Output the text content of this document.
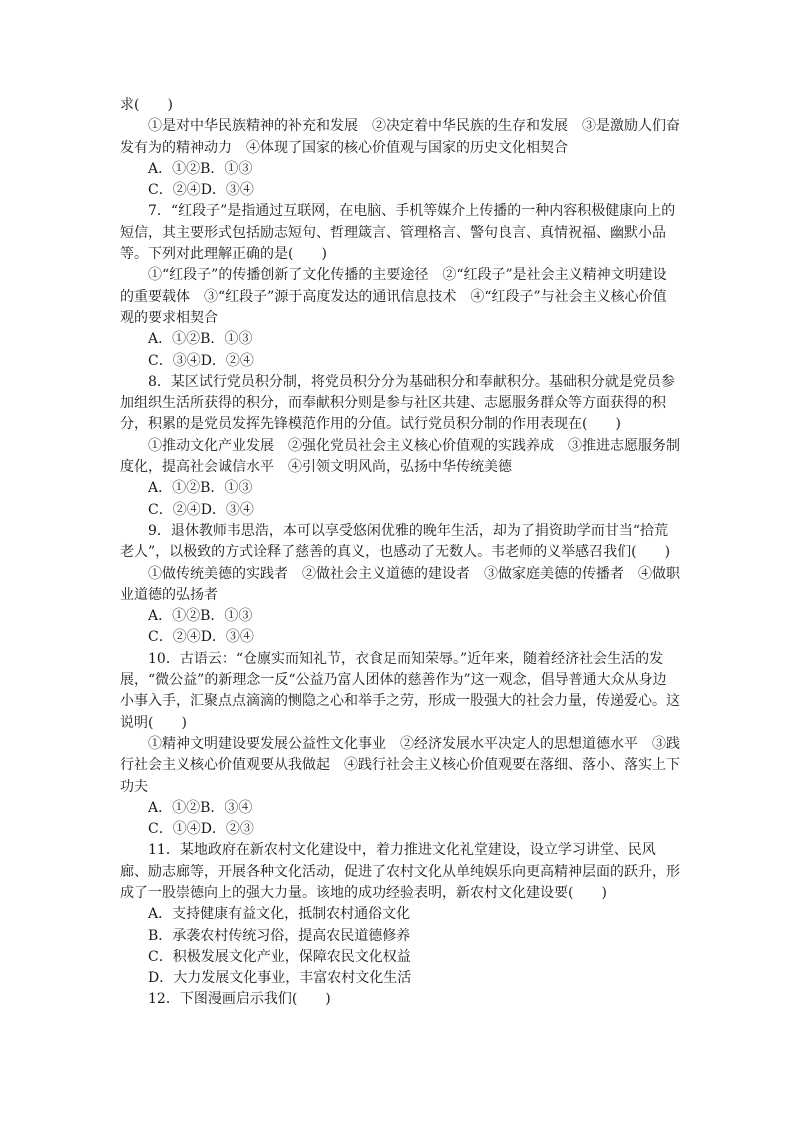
求(　　)

①是对中华民族精神的补充和发展　②决定着中华民族的生存和发展　③是激励人们奋发有为的精神动力　④体现了国家的核心价值观与国家的历史文化相契合

A．①②B．①③

C．②④D．③④

7．“红段子”是指通过互联网，在电脑、手机等媒介上传播的一种内容积极健康向上的短信，其主要形式包括励志短句、哲理箴言、管理格言、警句良言、真情祝福、幽默小品等。下列对此理解正确的是(　　)

①“红段子”的传播创新了文化传播的主要途径　②“红段子”是社会主义精神文明建设的重要载体　③“红段子”源于高度发达的通讯信息技术　④“红段子”与社会主义核心价值观的要求相契合

A．①②B．①③

C．③④D．②④

8．某区试行党员积分制，将党员积分分为基础积分和奉献积分。基础积分就是党员参加组织生活所获得的积分，而奉献积分则是参与社区共建、志愿服务群众等方面获得的积分，积累的是党员发挥先锋模范作用的分值。试行党员积分制的作用表现在(　　)

①推动文化产业发展　②强化党员社会主义核心价值观的实践养成　③推进志愿服务制度化，提高社会诚信水平　④引领文明风尚，弘扬中华传统美德

A．①②B．①③

C．②④D．③④

9．退休教师韦思浩，本可以享受悠闲优雅的晚年生活，却为了捐资助学而甘当“拾荒老人”，以极致的方式诠释了慈善的真义，也感动了无数人。韦老师的义举感召我们(　　)

①做传统美德的实践者　②做社会主义道德的建设者　③做家庭美德的传播者　④做职业道德的弘扬者

A．①②B．①③

C．②④D．③④

10．古语云：“仓廪实而知礼节，衣食足而知荣辱。”近年来，随着经济社会生活的发展，“微公益”的新理念一反“公益乃富人团体的慈善作为”这一观念，倡导普通大众从身边小事入手，汇聚点点滴滴的恻隐之心和举手之劳，形成一股强大的社会力量，传递爱心。这说明(　　)

①精神文明建设要发展公益性文化事业　②经济发展水平决定人的思想道德水平　③践行社会主义核心价值观要从我做起　④践行社会主义核心价值观要在落细、落小、落实上下功夫

A．①②B．③④

C．①④D．②③

11．某地政府在新农村文化建设中，着力推进文化礼堂建设，设立学习讲堂、民风廊、励志廊等，开展各种文化活动，促进了农村文化从单纯娱乐向更高精神层面的跃升，形成了一股崇德向上的强大力量。该地的成功经验表明，新农村文化建设要(　　)

A．支持健康有益文化，抵制农村通俗文化

B．承袭农村传统习俗，提高农民道德修养

C．积极发展文化产业，保障农民文化权益

D．大力发展文化事业，丰富农村文化生活

12．下图漫画启示我们(　　)
